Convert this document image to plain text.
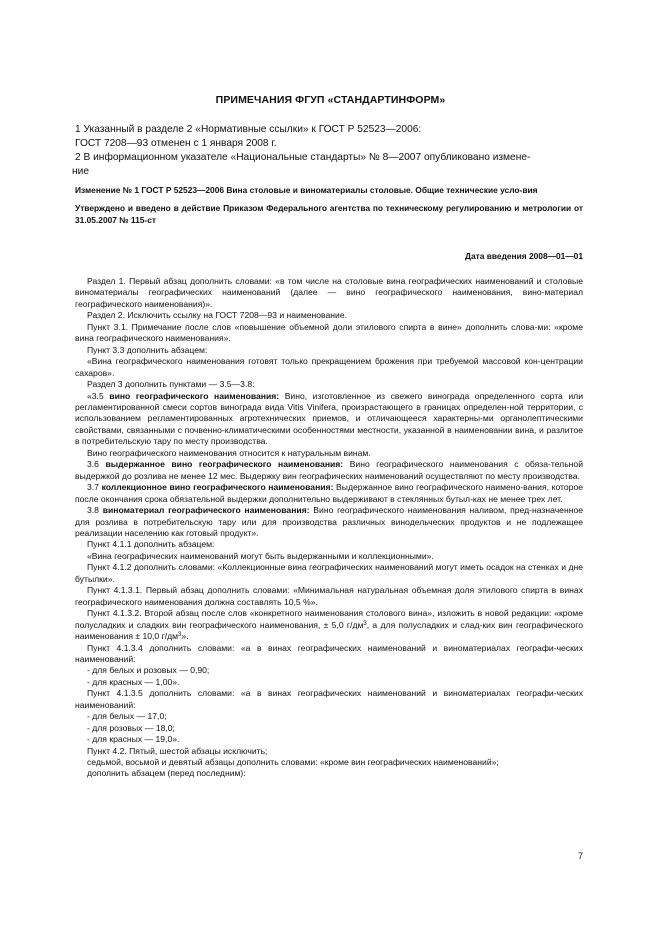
ПРИМЕЧАНИЯ ФГУП «СТАНДАРТИНФОРМ»

1 Указанный в разделе 2 «Нормативные ссылки» к ГОСТ Р 52523—2006:

ГОСТ 7208—93 отменен с 1 января 2008 г.

2 В информационном указателе «Национальные стандарты» № 8—2007 опубликовано измене-

ние

Изменение № 1 ГОСТ Р 52523—2006 Вина столовые и виноматериалы столовые. Общие технические усло-вия

Утверждено и введено в действие Приказом Федерального агентства по техническому регулированию и метрологии от 31.05.2007 № 115-ст

Дата введения 2008—01—01

Раздел 1. Первый абзац дополнить словами: «в том числе на столовые вина географических наименований и столовые виноматериалы географических наименований (далее — вино географического наименования, вино-материал географического наименования)».

Раздел 2. Исключить ссылку на ГОСТ 7208—93 и наименование.

Пункт 3.1. Примечание после слов «повышение объемной доли этилового спирта в вине» дополнить слова-ми: «кроме вина географического наименования».

Пункт 3.3 дополнить абзацем:

«Вина географического наименования готовят только прекращением брожения при требуемой массовой кон-центрации сахаров».

Раздел 3 дополнить пунктами — 3.5—3.8:

«3.5 вино географического наименования: Вино, изготовленное из свежего винограда определенного сорта или регламентированной смеси сортов винограда вида Vitis Vinifera, произрастающего в границах определен-ной территории, с использованием регламентированных агротехнических приемов, и отличающееся характерны-ми органолептическими свойствами, связанными с почвенно-климатическими особенностями местности, указанной в наименовании вина, и разлитое в потребительскую тару по месту производства.

Вино географического наименования относится к натуральным винам.

3.6 выдержанное вино географического наименования: Вино географического наименования с обяза-тельной выдержкой до розлива не менее 12 мес. Выдержку вин географических наименований осуществляют по месту производства.

3.7 коллекционное вино географического наименования: Выдержанное вино географического наимено-вания, которое после окончания срока обязательной выдержки дополнительно выдерживают в стеклянных бутыл-ках не менее трех лет.

3.8 виноматериал географического наименования: Вино географического наименования наливом, пред-назначенное для розлива в потребительскую тару или для производства различных винодельческих продуктов и не подлежащее реализации населению как готовый продукт».

Пункт 4.1.1 дополнить абзацем:

«Вина географических наименований могут быть выдержанными и коллекционными».

Пункт 4.1.2 дополнить словами: «Коллекционные вина географических наименований могут иметь осадок на стенках и дне бутылки».

Пункт 4.1.3.1. Первый абзац дополнить словами: «Минимальная натуральная объемная доля этилового спирта в винах географического наименования должна составлять 10,5 %».

Пункт 4.1.3.2. Второй абзац после слов «конкретного наименования столового вина», изложить в новой редакции: «кроме полусладких и сладких вин географического наименования, ± 5,0 $г/дм^3$, а для полусладких и слад-ких вин географического наименования ± 10,0 $г/дм^3$».

Пункт 4.1.3.4 дополнить словами: «а в винах географических наименований и виноматериалах географи-ческих наименований:

- для белых и розовых — 0,90;

- для красных — 1,00».

Пункт 4.1.3.5 дополнить словами: «а в винах географических наименований и виноматериалах географи-ческих наименований:

- для белых — 17,0;

- для розовых — 18,0;

- для красных — 19,0».

Пункт 4.2. Пятый, шестой абзацы исключить;

седьмой, восьмой и девятый абзацы дополнить словами: «кроме вин географических наименований»;

дополнить абзацем (перед последним):

7
